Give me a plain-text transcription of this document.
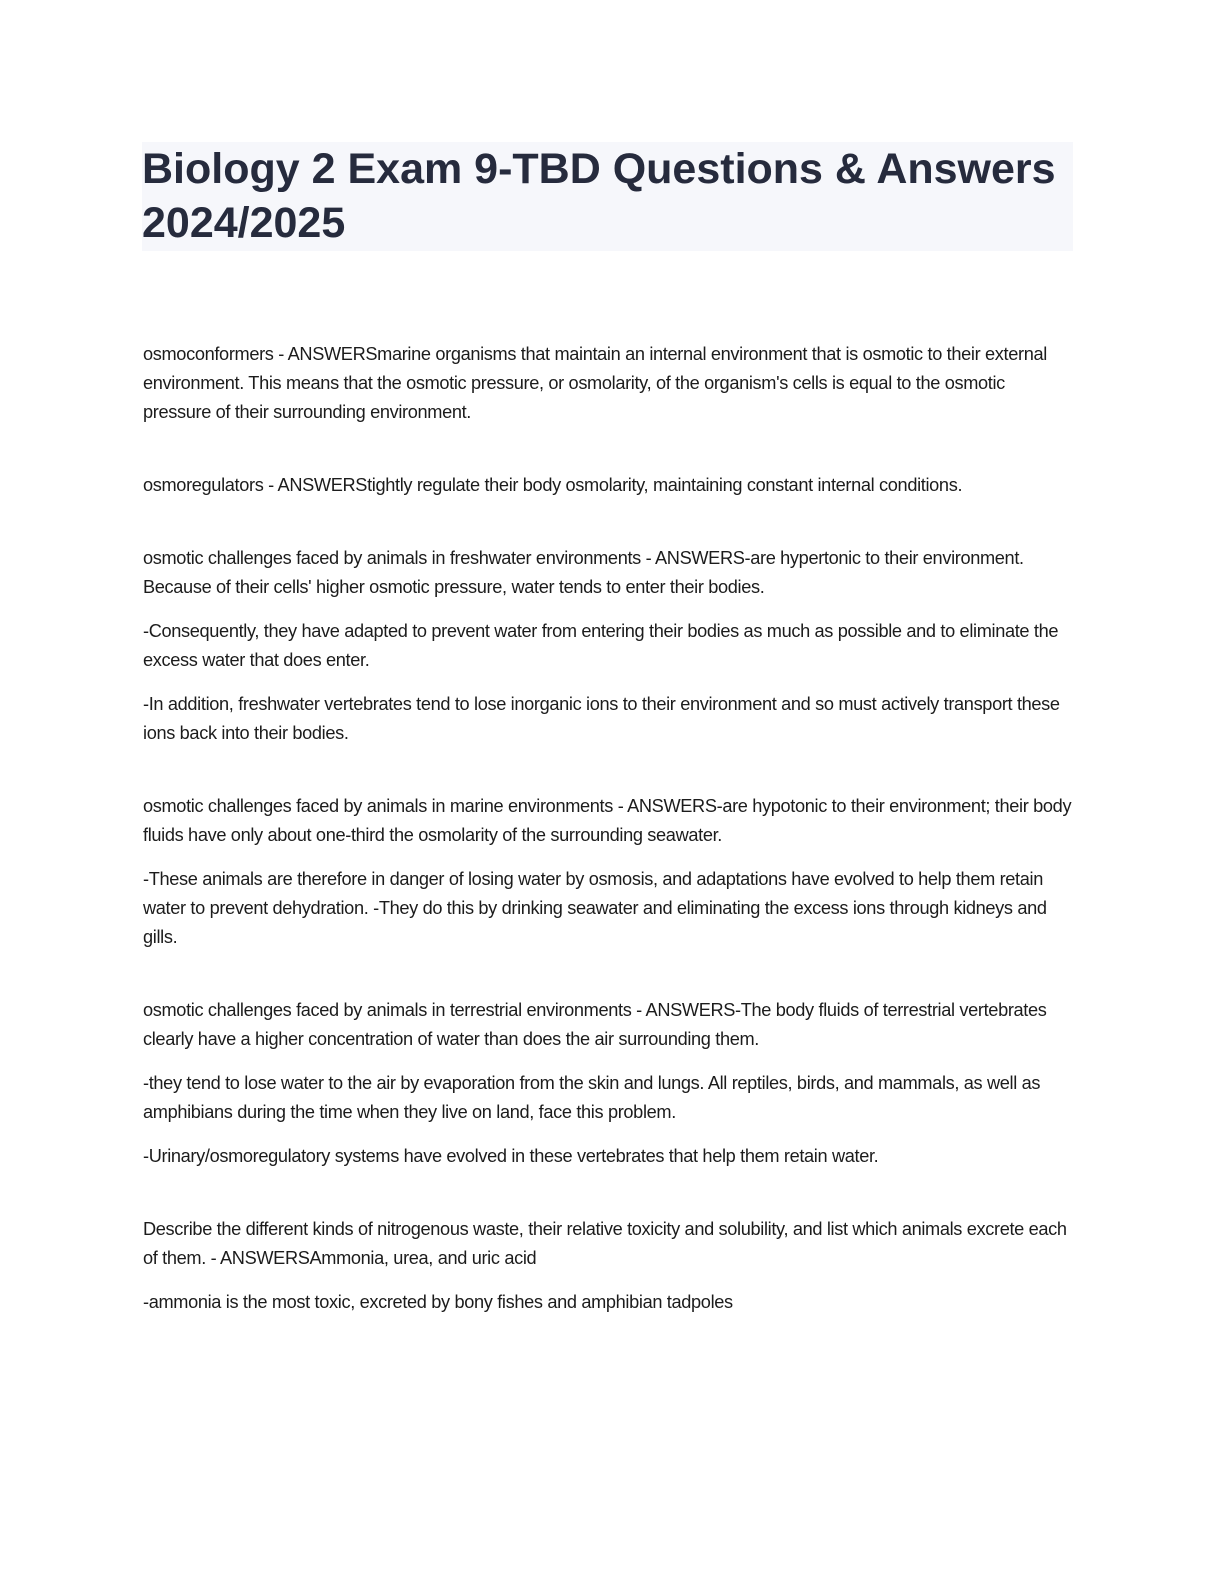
Biology 2 Exam 9-TBD Questions & Answers 2024/2025

osmoconformers - ANSWERSmarine organisms that maintain an internal environment that is osmotic to their external environment. This means that the osmotic pressure, or osmolarity, of the organism's cells is equal to the osmotic pressure of their surrounding environment.

osmoregulators - ANSWERStightly regulate their body osmolarity, maintaining constant internal conditions.

osmotic challenges faced by animals in freshwater environments - ANSWERS-are hypertonic to their environment. Because of their cells' higher osmotic pressure, water tends to enter their bodies.

-Consequently, they have adapted to prevent water from entering their bodies as much as possible and to eliminate the excess water that does enter.

-In addition, freshwater vertebrates tend to lose inorganic ions to their environment and so must actively transport these ions back into their bodies.

osmotic challenges faced by animals in marine environments - ANSWERS-are hypotonic to their environment; their body fluids have only about one-third the osmolarity of the surrounding seawater.

-These animals are therefore in danger of losing water by osmosis, and adaptations have evolved to help them retain water to prevent dehydration. -They do this by drinking seawater and eliminating the excess ions through kidneys and gills.

osmotic challenges faced by animals in terrestrial environments - ANSWERS-The body fluids of terrestrial vertebrates clearly have a higher concentration of water than does the air surrounding them.

-they tend to lose water to the air by evaporation from the skin and lungs. All reptiles, birds, and mammals, as well as amphibians during the time when they live on land, face this problem.

-Urinary/osmoregulatory systems have evolved in these vertebrates that help them retain water.

Describe the different kinds of nitrogenous waste, their relative toxicity and solubility, and list which animals excrete each of them. - ANSWERSAmmonia, urea, and uric acid

-ammonia is the most toxic, excreted by bony fishes and amphibian tadpoles
